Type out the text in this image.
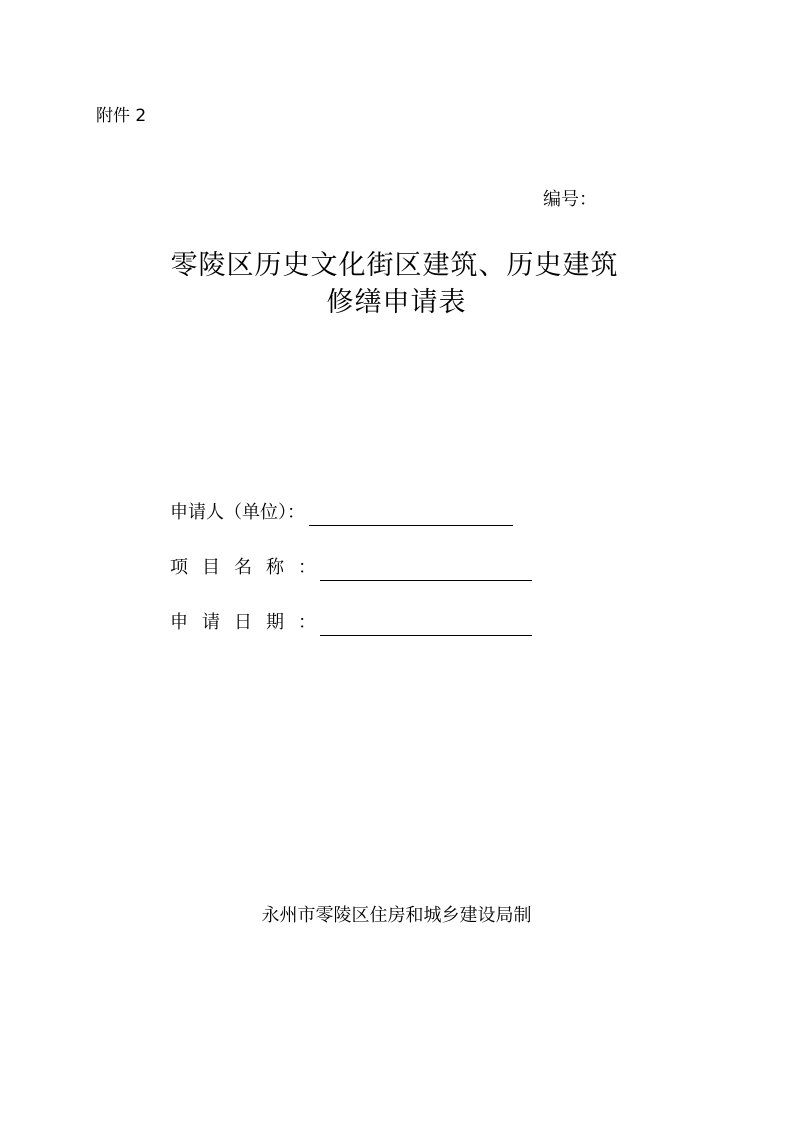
附件 2
编号：
零陵区历史文化街区建筑、历史建筑
修缮申请表
申请人（单位）：
项目名称 ：
申请日期 ：
永州市零陵区住房和城乡建设局制
